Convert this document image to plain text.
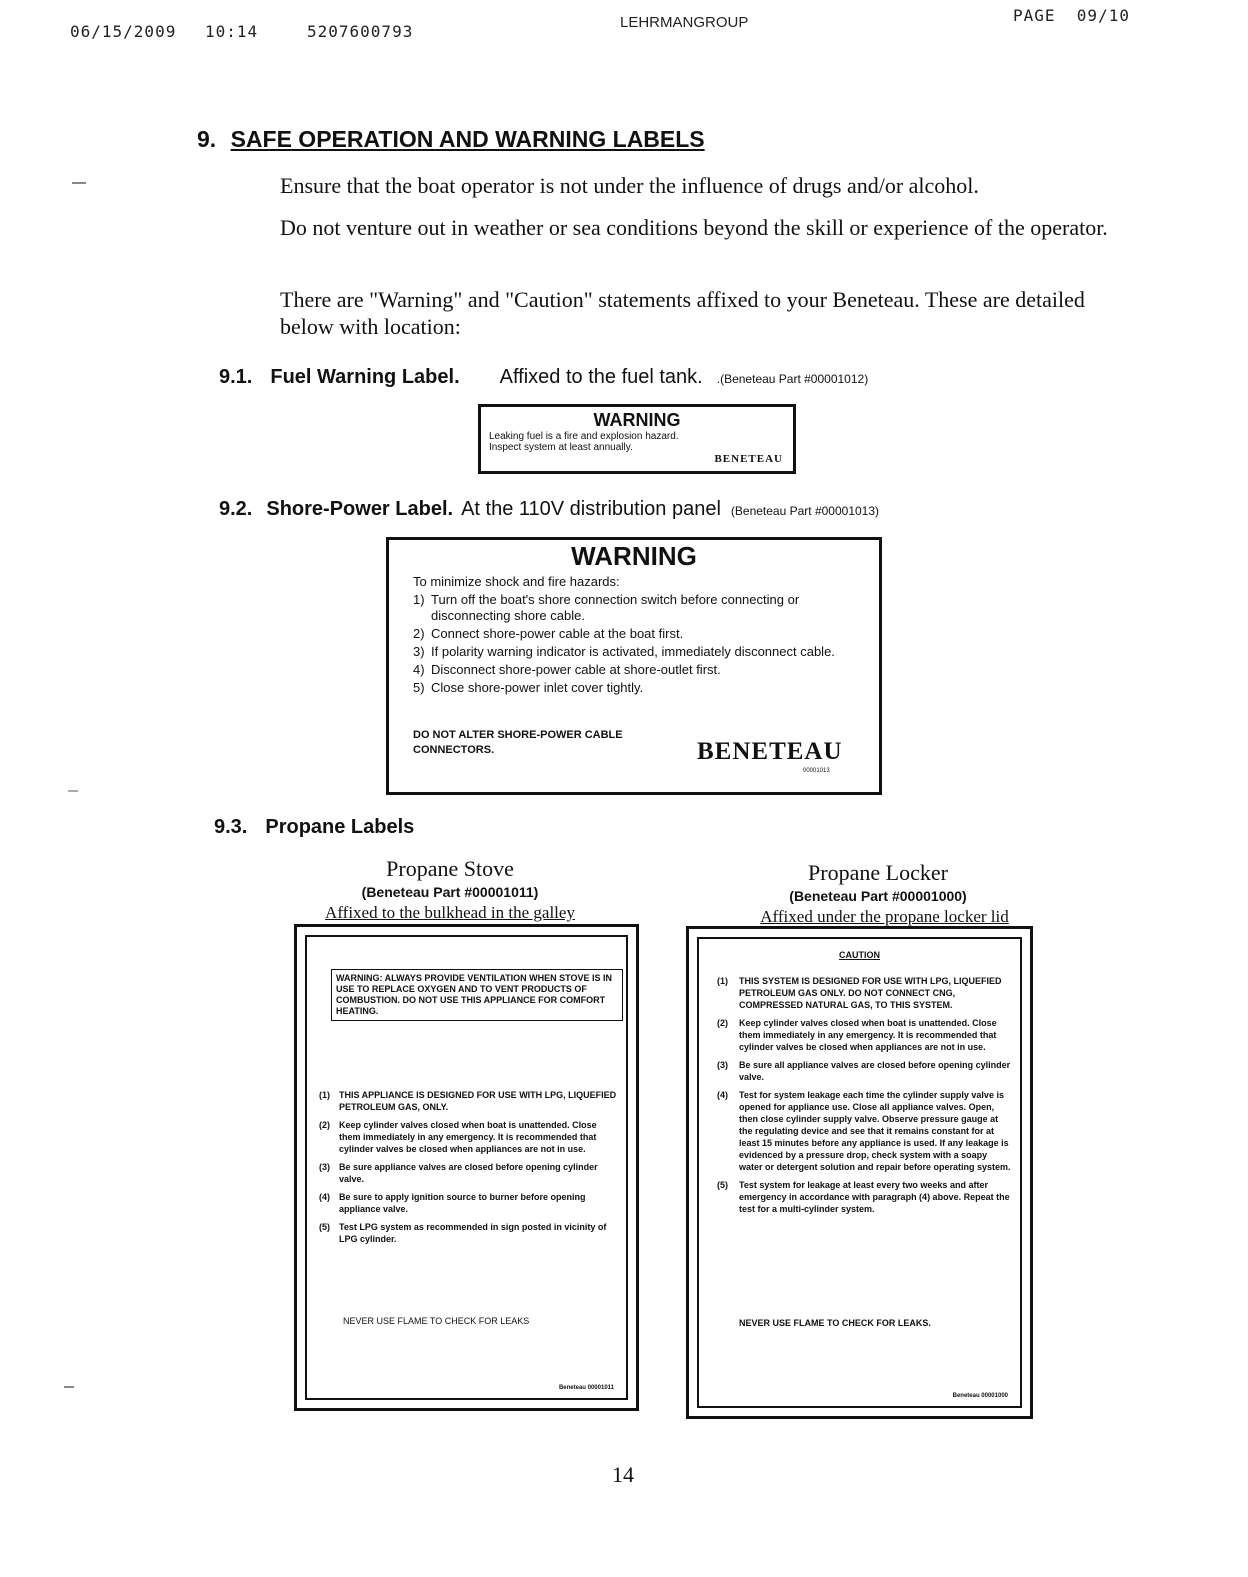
06/15/2009 10:14	5207600793	LEHRMANGROUP	PAGE  09/10
9. SAFE OPERATION AND WARNING LABELS
Ensure that the boat operator is not under the influence of drugs and/or alcohol.
Do not venture out in weather or sea conditions beyond the skill or experience of the operator.
There are "Warning" and "Caution" statements affixed to your Beneteau. These are detailed below with location:
9.1. Fuel Warning Label. Affixed to the fuel tank. .(Beneteau Part #00001012)
WARNING
Leaking fuel is a fire and explosion hazard. Inspect system at least annually.
BENETEAU
9.2. Shore-Power Label. At the 110V distribution panel (Beneteau Part #00001013)
WARNING
To minimize shock and fire hazards:
1) Turn off the boat's shore connection switch before connecting or disconnecting shore cable.
2) Connect shore-power cable at the boat first.
3) If polarity warning indicator is activated, immediately disconnect cable.
4) Disconnect shore-power cable at shore-outlet first.
5) Close shore-power inlet cover tightly.
DO NOT ALTER SHORE-POWER CABLE CONNECTORS.	BENETEAU
00001013
9.3. Propane Labels
Propane Stove
(Beneteau Part #00001011)
Affixed to the bulkhead in the galley
WARNING: ALWAYS PROVIDE VENTILATION WHEN STOVE IS IN USE TO REPLACE OXYGEN AND TO VENT PRODUCTS OF COMBUSTION. DO NOT USE THIS APPLIANCE FOR COMFORT HEATING.
(1)	THIS APPLIANCE IS DESIGNED FOR USE WITH LPG, LIQUEFIED PETROLEUM GAS, ONLY.
(2)	Keep cylinder valves closed when boat is unattended. Close them immediately in any emergency. It is recommended that cylinder valves be closed when appliances are not in use.
(3)	Be sure appliance valves are closed before opening cylinder valve.
(4)	Be sure to apply ignition source to burner before opening appliance valve.
(5)	Test LPG system as recommended in sign posted in vicinity of LPG cylinder.
NEVER USE FLAME TO CHECK FOR LEAKS
Beneteau 00001011
Propane Locker
(Beneteau Part #00001000)
Affixed under the propane locker lid
CAUTION
(1)	THIS SYSTEM IS DESIGNED FOR USE WITH LPG, LIQUEFIED PETROLEUM GAS ONLY. DO NOT CONNECT CNG, COMPRESSED NATURAL GAS, TO THIS SYSTEM.
(2)	Keep cylinder valves closed when boat is unattended. Close them immediately in any emergency. It is recommended that cylinder valves be closed when appliances are not in use.
(3)	Be sure all appliance valves are closed before opening cylinder valve.
(4)	Test for system leakage each time the cylinder supply valve is opened for appliance use. Close all appliance valves. Open, then close cylinder supply valve. Observe pressure gauge at the regulating device and see that it remains constant for at least 15 minutes before any appliance is used. If any leakage is evidenced by a pressure drop, check system with a soapy water or detergent solution and repair before operating system.
(5)	Test system for leakage at least every two weeks and after emergency in accordance with paragraph (4) above. Repeat the test for a multi-cylinder system.
NEVER USE FLAME TO CHECK FOR LEAKS.
Beneteau 00001000
14
